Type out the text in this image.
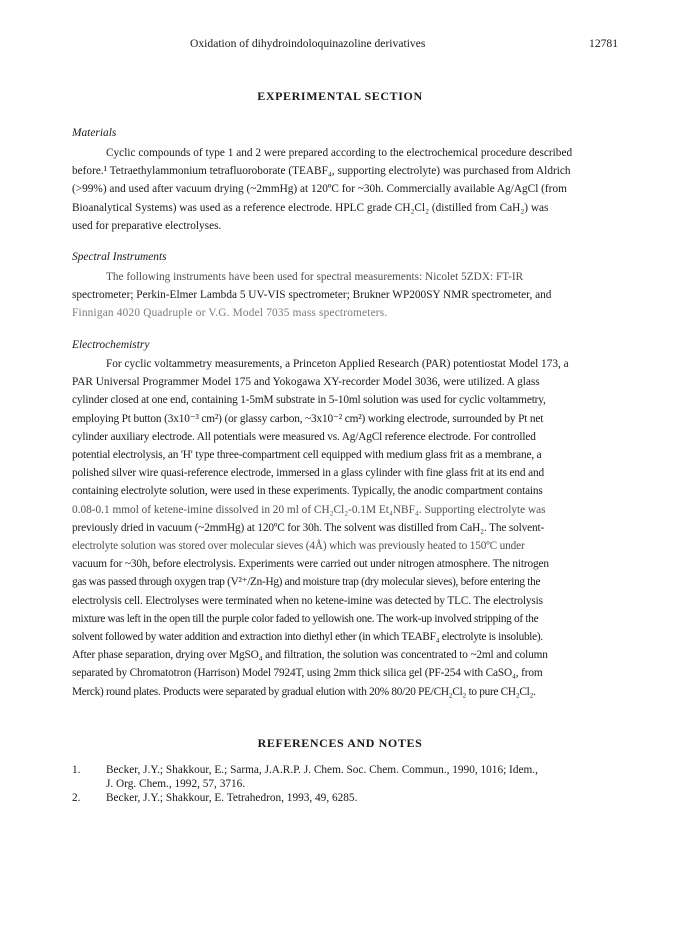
Oxidation of dihydroindoloquinazoline derivatives	12781
EXPERIMENTAL SECTION
Materials
Cyclic compounds of type 1 and 2 were prepared according to the electrochemical procedure described
before.¹ Tetraethylammonium tetrafluoroborate (TEABF₄, supporting electrolyte) was purchased from Aldrich
(>99%) and used after vacuum drying (~2mmHg) at 120ºC for ~30h. Commercially available Ag/AgCl (from
Bioanalytical Systems) was used as a reference electrode. HPLC grade CH₂Cl₂ (distilled from CaH₂) was
used for preparative electrolyses.
Spectral Instruments
The following instruments have been used for spectral measurements: Nicolet 5ZDX: FT-IR
spectrometer; Perkin-Elmer Lambda 5 UV-VIS spectrometer; Brukner WP200SY NMR spectrometer, and
Finnigan 4020 Quadruple or V.G. Model 7035 mass spectrometers.
Electrochemistry
For cyclic voltammetry measurements, a Princeton Applied Research (PAR) potentiostat Model 173, a
PAR Universal Programmer Model 175 and Yokogawa XY-recorder Model 3036, were utilized. A glass
cylinder closed at one end, containing 1-5mM substrate in 5-10ml solution was used for cyclic voltammetry,
employing Pt button (3x10⁻³ cm²) (or glassy carbon, ~3x10⁻² cm²) working electrode, surrounded by Pt net
cylinder auxiliary electrode. All potentials were measured vs. Ag/AgCl reference electrode. For controlled
potential electrolysis, an 'H' type three-compartment cell equipped with medium glass frit as a membrane, a
polished silver wire quasi-reference electrode, immersed in a glass cylinder with fine glass frit at its end and
containing electrolyte solution, were used in these experiments. Typically, the anodic compartment contains
0.08-0.1 mmol of ketene-imine dissolved in 20 ml of CH₂Cl₂-0.1M Et₄NBF₄. Supporting electrolyte was
previously dried in vacuum (~2mmHg) at 120ºC for 30h. The solvent was distilled from CaH₂. The solvent-
electrolyte solution was stored over molecular sieves (4Å) which was previously heated to 150ºC under
vacuum for ~30h, before electrolysis. Experiments were carried out under nitrogen atmosphere. The nitrogen
gas was passed through oxygen trap (V²⁺/Zn-Hg) and moisture trap (dry molecular sieves), before entering the
electrolysis cell. Electrolyses were terminated when no ketene-imine was detected by TLC. The electrolysis
mixture was left in the open till the purple color faded to yellowish one. The work-up involved stripping of the
solvent followed by water addition and extraction into diethyl ether (in which TEABF₄ electrolyte is insoluble).
After phase separation, drying over MgSO₄ and filtration, the solution was concentrated to ~2ml and column
separated by Chromatotron (Harrison) Model 7924T, using 2mm thick silica gel (PF-254 with CaSO₄, from
Merck) round plates. Products were separated by gradual elution with 20% 80/20 PE/CH₂Cl₂ to pure CH₂Cl₂.
REFERENCES AND NOTES
1. Becker, J.Y.; Shakkour, E.; Sarma, J.A.R.P. J. Chem. Soc. Chem. Commun., 1990, 1016; Idem.,
J. Org. Chem., 1992, 57, 3716.
2. Becker, J.Y.; Shakkour, E. Tetrahedron, 1993, 49, 6285.
